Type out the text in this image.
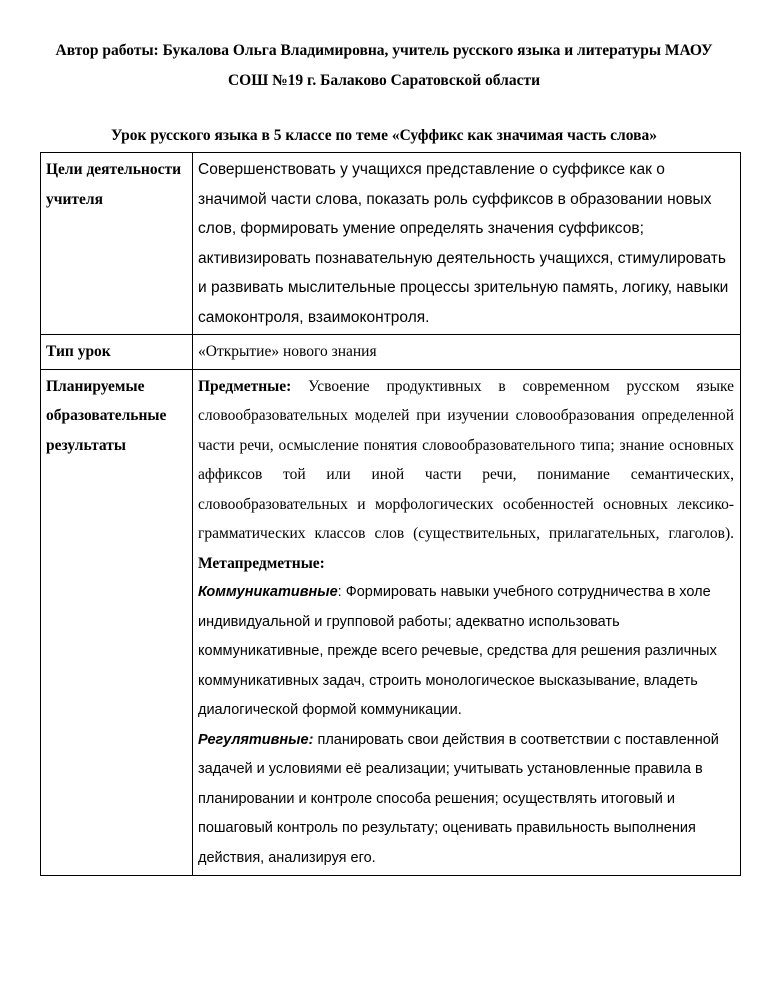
Автор работы: Букалова Ольга Владимировна, учитель русского языка и литературы МАОУ СОШ №19 г. Балаково Саратовской области
Урок русского языка в 5 классе по теме «Суффикс как значимая часть слова»
Цели деятельности учителя	Совершенствовать у учащихся представление о суффиксе как о значимой части слова, показать роль суффиксов в образовании новых слов, формировать умение определять значения суффиксов; активизировать познавательную деятельность учащихся, стимулировать и развивать мыслительные процессы зрительную память, логику, навыки самоконтроля, взаимоконтроля.
Тип урок	«Открытие» нового знания
Планируемые образовательные результаты	Предметные: Усвоение продуктивных в современном русском языке словообразовательных моделей при изучении словообразования определенной части речи, осмысление понятия словообразовательного типа; знание основных аффиксов той или иной части речи, понимание семантических, словообразовательных и морфологических особенностей основных лексико- грамматических классов слов (существительных, прилагательных, глаголов). Метапредметные:
Коммуникативные: Формировать навыки учебного сотрудничества в холе индивидуальной и групповой работы; адекватно использовать коммуникативные, прежде всего речевые, средства для решения различных коммуникативных задач, строить монологическое высказывание, владеть диалогической формой коммуникации.
Регулятивные: планировать свои действия в соответствии с поставленной задачей и условиями её реализации; учитывать установленные правила в планировании и контроле способа решения; осуществлять итоговый и пошаговый контроль по результату; оценивать правильность выполнения действия, анализируя его.
